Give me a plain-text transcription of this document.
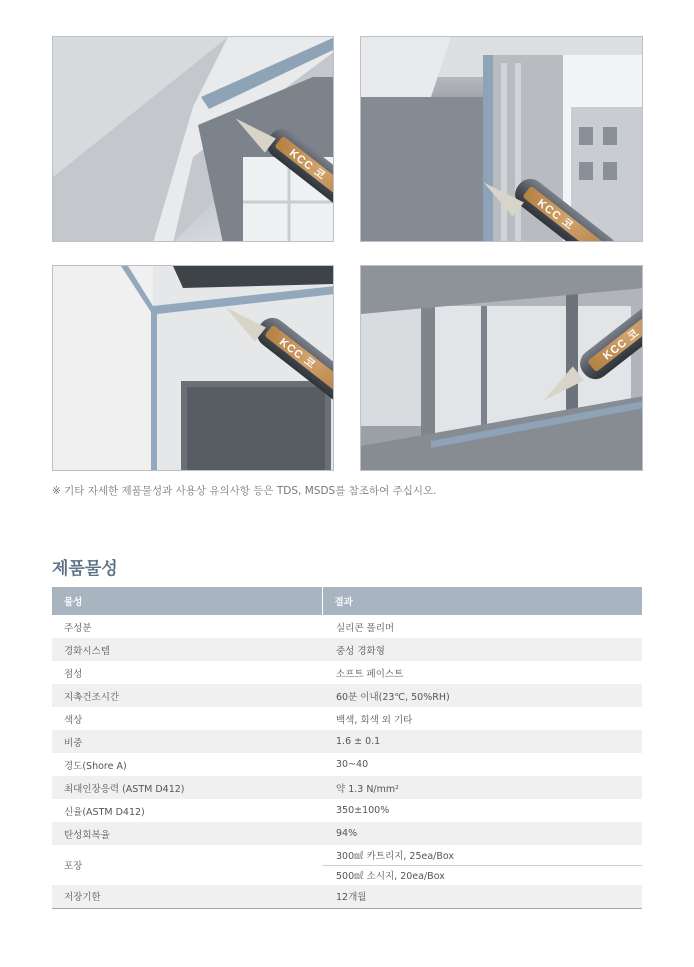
KCC 코
KCC 코
KCC 코	KCC 코
※ 기타 자세한 제품물성과 사용상 유의사항 등은 TDS, MSDS를 참조하여 주십시오.
제품물성
물성	결과
주성분	실리콘 폴리머
경화시스템	중성 경화형
점성	소프트 페이스트
지촉건조시간	60분 이내(23℃, 50%RH)
색상	백색, 회색 외 기타
비중	1.6 ± 0.1
경도(Shore A)	30~40
최대인장응력 (ASTM D412)	약 1.3 N/mm²
신율(ASTM D412)	350±100%
탄성회복율	94%
포장	300㎖ 카트리지, 25ea/Box
	500㎖ 소시지, 20ea/Box
저장기한	12개월
